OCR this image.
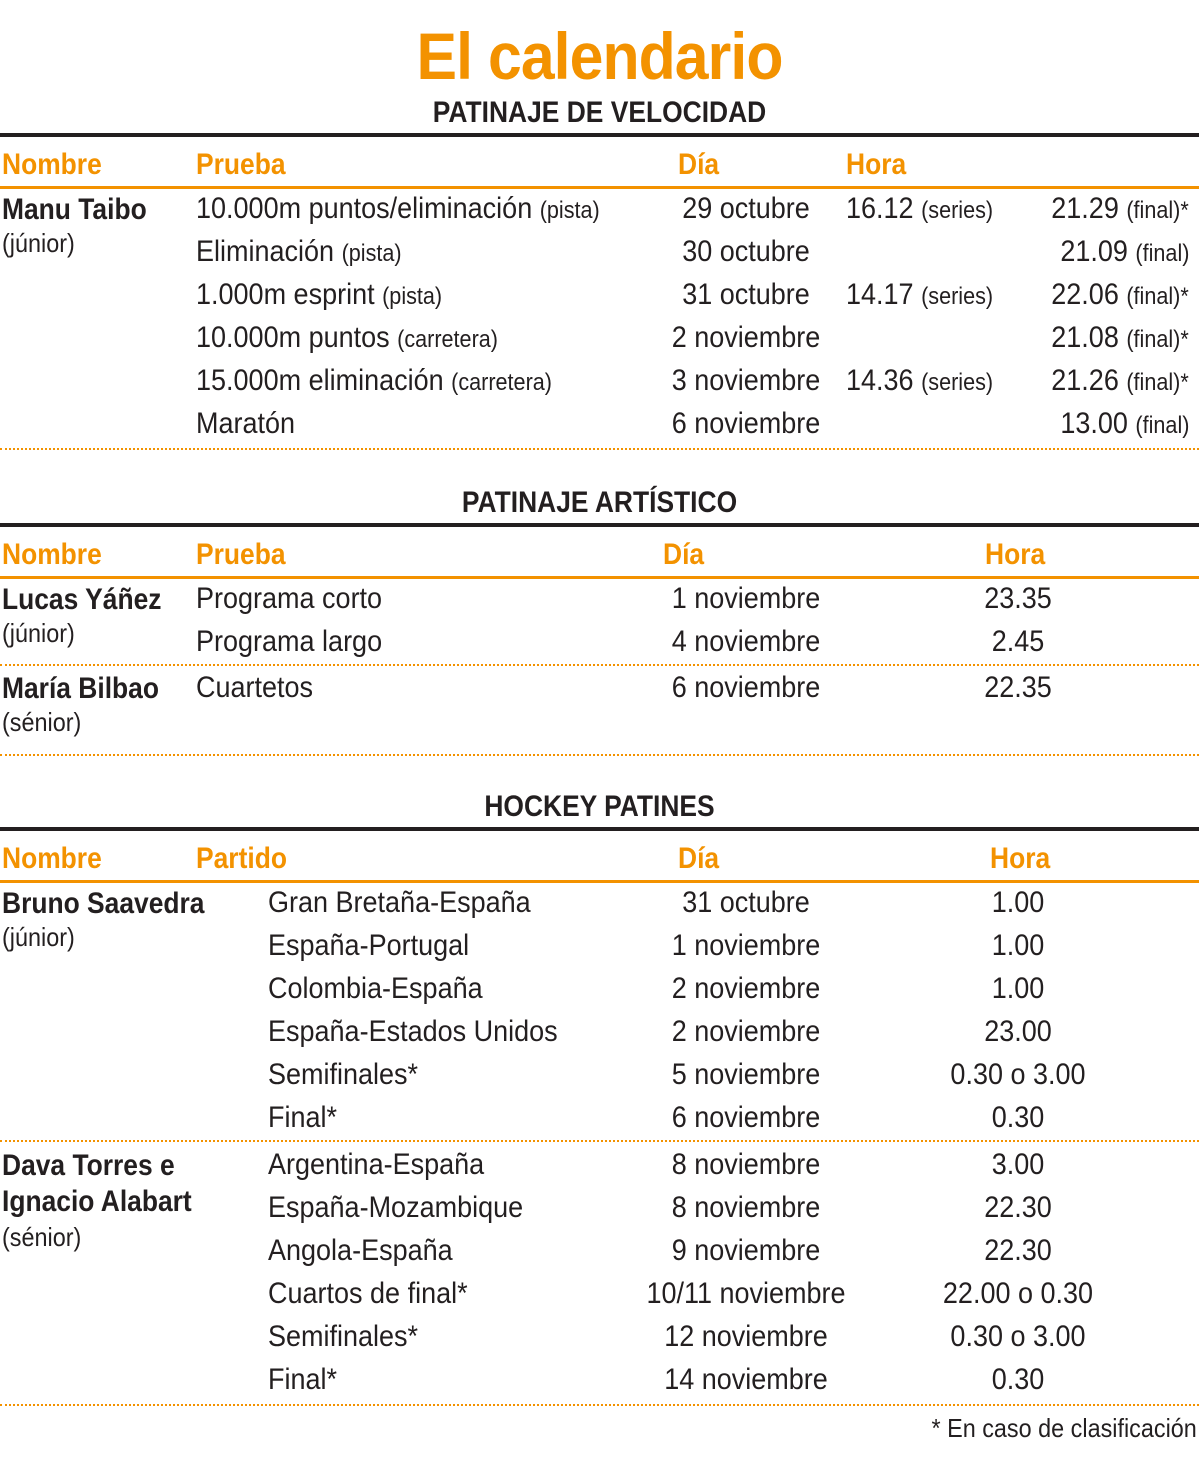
El calendario
PATINAJE DE VELOCIDAD
Nombre	Prueba	Día	Hora
Manu Taibo
(júnior)
10.000m puntos/eliminación (pista)	29 octubre	16.12 (series) 21.29 (final)*
Eliminación (pista)	30 octubre	21.09 (final)
1.000m esprint (pista)	31 octubre	14.17 (series) 22.06 (final)*
10.000m puntos (carretera)	2 noviembre	21.08 (final)*
15.000m eliminación (carretera)	3 noviembre 14.36 (series) 21.26 (final)*
Maratón	6 noviembre	13.00 (final)
PATINAJE ARTÍSTICO
Nombre	Prueba	Día	Hora
Lucas Yáñez
(júnior)
Programa corto	1 noviembre	23.35
Programa largo	4 noviembre	2.45
María Bilbao
(sénior)
Cuartetos	6 noviembre	22.35
HOCKEY PATINES
Nombre	Partido	Día	Hora
Bruno Saavedra
(júnior)
Gran Bretaña-España	31 octubre	1.00
España-Portugal	1 noviembre	1.00
Colombia-España	2 noviembre	1.00
España-Estados Unidos	2 noviembre	23.00
Semifinales*	5 noviembre	0.30 o 3.00
Final*	6 noviembre	0.30
Dava Torres e
Ignacio Alabart
(sénior)
Argentina-España	8 noviembre	3.00
España-Mozambique	8 noviembre	22.30
Angola-España	9 noviembre	22.30
Cuartos de final*	10/11 noviembre	22.00 o 0.30
Semifinales*	12 noviembre	0.30 o 3.00
Final*	14 noviembre	0.30
* En caso de clasificación
